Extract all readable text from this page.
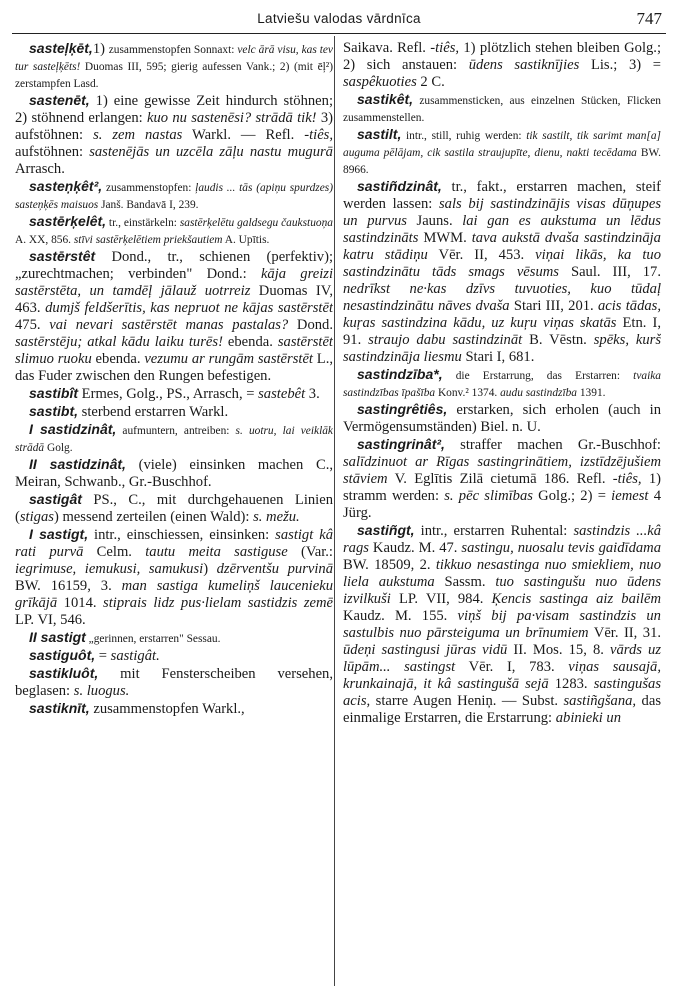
Latviešu valodas vārdnīca	747
sasteļķēt,1) zusammenstopfen Sonnaxt: velc ārā visu, kas tev tur sasteļķēts! Duomas III, 595; gierig aufessen Vank.; 2) (mit ēļ²) zerstampfen Lasd.
sastenēt, 1) eine gewisse Zeit hindurch stöhnen; 2) stöhnend erlangen: kuo nu sastenēsi? strādā tik! 3) aufstöhnen: s. zem nastas Warkl. — Refl. -tiês, aufstöhnen: sastenējās un uzcēla zāļu nastu mugurā Arrasch.
sasteņķêt², zusammenstopfen: ļaudis ... tās (apiņu spurdzes) sasteņķēs maisuos Janš. Bandavā I, 239.
sastērķelêt, tr., einstärkeln: sastērķelētu galdsegu čaukstuoņa A. XX, 856. stīvi sastērķelētiem priekšautiem A. Upītis.
sastērstêt Dond., tr., schienen (perfektiv); „zurechtmachen; verbinden" Dond.: kāja greizi sastērstēta, un tamdēļ jālauž uotrreiz Duomas IV, 463. dumjš feldšerītis, kas nepruot ne kājas sastērstēt 475. vai nevari sastērstēt manas pastalas? Dond. sastērstēju; atkal kādu laiku turēs! ebenda. sastērstēt slimuo ruoku ebenda. vezumu ar rungām sastērstēt L., das Fuder zwischen den Rungen befestigen.
sastibît Ermes, Golg., PS., Arrasch, = sastebêt 3.
sastibt, sterbend erstarren Warkl.
I sastidzinât, aufmuntern, antreiben: s. uotru, lai veiklāk strādā Golg.
II sastidzinât, (viele) einsinken machen C., Meiran, Schwanb., Gr.-Buschhof.
sastigât PS., C., mit durchgehauenen Linien (stigas) messend zerteilen (einen Wald): s. mežu.
I sastigt, intr., einschiessen, einsinken: sastigt kâ rati purvā Celm. tautu meita sastiguse (Var.: iegrimuse, iemukusi, samukusi) dzērventšu purvinā BW. 16159, 3. man sastiga kumeliņš laucenieku grīkājā 1014. stiprais lidz pus·lielam sastidzis zemē LP. VI, 546.
II sastigt „gerinnen, erstarren" Sessau.
sastiguôt, = sastigât.
sastikluôt, mit Fensterscheiben versehen, beglasen: s. luogus.
sastiknīt, zusammenstopfen Warkl.,
Saikava. Refl. -tiês, 1) plötzlich stehen bleiben Golg.; 2) sich anstauen: ūdens sastiknījies Lis.; 3) = saspêkuoties 2 C.
sastikêt, zusammensticken, aus einzelnen Stücken, Flicken zusammenstellen.
sastilt, intr., still, ruhig werden: tik sastilt, tik sarimt man[a] auguma pēlājam, cik sastila straujupīte, dienu, nakti tecēdama BW. 8966.
sastiñdzinât, tr., fakt., erstarren machen, steif werden lassen: sals bij sastindzinājis visas dūņupes un purvus Jauns. lai gan es aukstuma un lēdus sastindzināts MWM. tava aukstā dvaša sastindzināja katru stādiņu Vēr. II, 453. viņai likās, ka tuo sastindzinātu tāds smags vēsums Saul. III, 17. nedrīkst ne·kas dzīvs tuvuoties, kuo tūdaļ nesastindzinātu nāves dvaša Stari III, 201. acis tādas, kuŗas sastindzina kādu, uz kuŗu viņas skatās Etn. I, 91. straujo dabu sastindzināt B. Vēstn. spēks, kurš sastindzināja liesmu Stari I, 681.
sastindzība*, die Erstarrung, das Erstarren: tvaika sastindzības īpašība Konv.² 1374. audu sastindzība 1391.
sastingrêtiês, erstarken, sich erholen (auch in Vermögensumständen) Biel. n. U.
sastingrinât², straffer machen Gr.-Buschhof: salīdzinuot ar Rīgas sastingrinātiem, izstīdzējušiem stāviem V. Eglītis Zilā cietumā 186. Refl. -tiês, 1) stramm werden: s. pēc slimības Golg.; 2) = iemest 4 Jürg.
sastiñgt, intr., erstarren Ruhental: sastindzis ...kâ rags Kaudz. M. 47. sastingu, nuosalu tevis gaidīdama BW. 18509, 2. tikkuo nesastinga nuo smiekliem, nuo liela aukstuma Sassm. tuo sastingušu nuo ūdens izvilkuši LP. VII, 984. Ķencis sastinga aiz bailēm Kaudz. M. 155. viņš bij pa·visam sastindzis un sastulbis nuo pārsteiguma un brīnumiem Vēr. II, 31. ūdeņi sastingusi jūras vidū II. Mos. 15, 8. vārds uz lūpām... sastingst Vēr. I, 783. viņas sausajā, krunkainajā, it kâ sastingušā sejā 1283. sastingušas acis, starre Augen Heniņ. — Subst. sastiñgšana, das einmalige Erstarren, die Erstarrung: abinieki un
